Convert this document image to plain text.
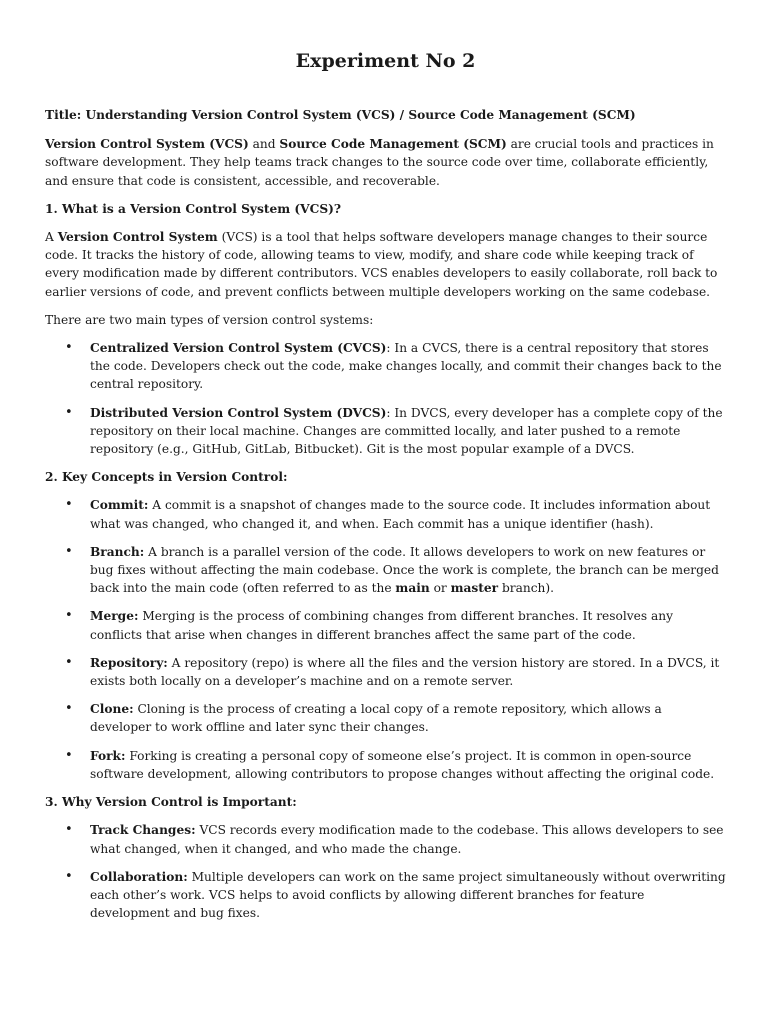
Experiment No 2

Title: Understanding Version Control System (VCS) / Source Code Management (SCM)

Version Control System (VCS) and Source Code Management (SCM) are crucial tools and practices in software development. They help teams track changes to the source code over time, collaborate efficiently, and ensure that code is consistent, accessible, and recoverable.

1. What is a Version Control System (VCS)?

A Version Control System (VCS) is a tool that helps software developers manage changes to their source code. It tracks the history of code, allowing teams to view, modify, and share code while keeping track of every modification made by different contributors. VCS enables developers to easily collaborate, roll back to earlier versions of code, and prevent conflicts between multiple developers working on the same codebase.

There are two main types of version control systems:

• Centralized Version Control System (CVCS): In a CVCS, there is a central repository that stores the code. Developers check out the code, make changes locally, and commit their changes back to the central repository.
• Distributed Version Control System (DVCS): In DVCS, every developer has a complete copy of the repository on their local machine. Changes are committed locally, and later pushed to a remote repository (e.g., GitHub, GitLab, Bitbucket). Git is the most popular example of a DVCS.

2. Key Concepts in Version Control:

• Commit: A commit is a snapshot of changes made to the source code. It includes information about what was changed, who changed it, and when. Each commit has a unique identifier (hash).
• Branch: A branch is a parallel version of the code. It allows developers to work on new features or bug fixes without affecting the main codebase. Once the work is complete, the branch can be merged back into the main code (often referred to as the main or master branch).
• Merge: Merging is the process of combining changes from different branches. It resolves any conflicts that arise when changes in different branches affect the same part of the code.
• Repository: A repository (repo) is where all the files and the version history are stored. In a DVCS, it exists both locally on a developer’s machine and on a remote server.
• Clone: Cloning is the process of creating a local copy of a remote repository, which allows a developer to work offline and later sync their changes.
• Fork: Forking is creating a personal copy of someone else’s project. It is common in open-source software development, allowing contributors to propose changes without affecting the original code.

3. Why Version Control is Important:

• Track Changes: VCS records every modification made to the codebase. This allows developers to see what changed, when it changed, and who made the change.
• Collaboration: Multiple developers can work on the same project simultaneously without overwriting each other’s work. VCS helps to avoid conflicts by allowing different branches for feature development and bug fixes.
